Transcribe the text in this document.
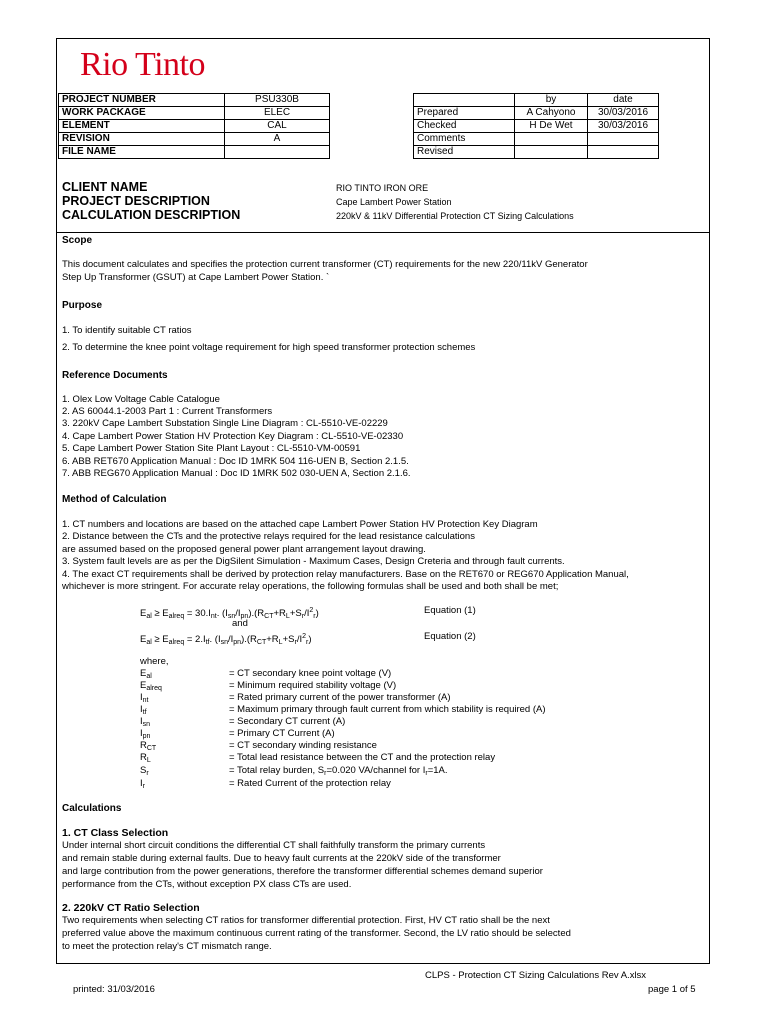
Rio Tinto
PROJECT NUMBER	PSU330B
WORK PACKAGE	ELEC
ELEMENT	CAL
REVISION	A
FILE NAME	
	by	date
Prepared	A Cahyono	30/03/2016
Checked	H De Wet	30/03/2016
Comments		
Revised		
CLIENT NAME	RIO TINTO IRON ORE
PROJECT DESCRIPTION	Cape Lambert Power Station
CALCULATION DESCRIPTION	220kV & 11kV Differential Protection CT Sizing Calculations
Scope
This document calculates and specifies the protection current transformer (CT) requirements for the new 220/11kV Generator
Step Up Transformer (GSUT) at Cape Lambert Power Station. `
Purpose
1. To identify suitable CT ratios
2. To determine the knee point voltage requirement for high speed transformer protection schemes
Reference Documents
1. Olex Low Voltage Cable Catalogue
2. AS 60044.1-2003 Part 1 : Current Transformers
3. 220kV Cape Lambert Substation Single Line Diagram : CL-5510-VE-02229
4. Cape Lambert Power Station HV Protection Key Diagram : CL-5510-VE-02330
5. Cape Lambert Power Station Site Plant Layout : CL-5510-VM-00591
6. ABB RET670 Application Manual : Doc ID 1MRK 504 116-UEN B, Section 2.1.5.
7. ABB REG670 Application Manual : Doc ID 1MRK 502 030-UEN A, Section 2.1.6.
Method of Calculation
1. CT numbers and locations are based on the attached cape Lambert Power Station HV Protection Key Diagram
2. Distance between the CTs and the protective relays required for the lead resistance calculations
are assumed based on the proposed general power plant arrangement layout drawing.
3. System fault levels are as per the DigSilent Simulation - Maximum Cases, Design Creteria and through fault currents.
4. The exact CT requirements shall be derived by protection relay manufacturers. Base on the RET670 or REG670 Application Manual,
whichever is more stringent. For accurate relay operations, the following formulas shall be used and both shall be met;
$E_{al} \ge E_{alreq} = 30.I_{nt}$. $(I_{sn}/I_{pn}).(R_{CT}+R_L+S_r/I^2_r)$	Equation (1)
and
$E_{al} \ge E_{alreq} = 2.I_{tf}$. $(I_{sn}/I_{pn}).(R_{CT}+R_L+S_r/I^2_r)$	Equation (2)
where,
$E_{al}$	= CT secondary knee point voltage (V)
$E_{alreq}$	= Minimum required stability voltage (V)
$I_{nt}$	= Rated primary current of the power transformer (A)
$I_{tf}$	= Maximum primary through fault current from which stability is required (A)
$I_{sn}$	= Secondary CT current (A)
$I_{pn}$	= Primary CT Current (A)
$R_{CT}$	= CT secondary winding resistance
$R_L$	= Total lead resistance between the CT and the protection relay
$S_r$	= Total relay burden, $S_r=0.020$ VA/channel for $I_r=1A$.
$I_r$	= Rated Current of the protection relay
Calculations
1. CT Class Selection
Under internal short circuit conditions the differential CT shall faithfully transform the primary currents
and remain stable during external faults. Due to heavy fault currents at the 220kV side of the transformer
and large contribution from the power generations, therefore the transformer differential schemes demand superior
performance from the CTs, without exception PX class CTs are used.
2. 220kV CT Ratio Selection
Two requirements when selecting CT ratios for transformer differential protection. First, HV CT ratio shall be the next
preferred value above the maximum continuous current rating of the transformer. Second, the LV ratio should be selected
to meet the protection relay's CT mismatch range.
CLPS - Protection CT Sizing Calculations Rev A.xlsx
printed: 31/03/2016	page 1 of 5
